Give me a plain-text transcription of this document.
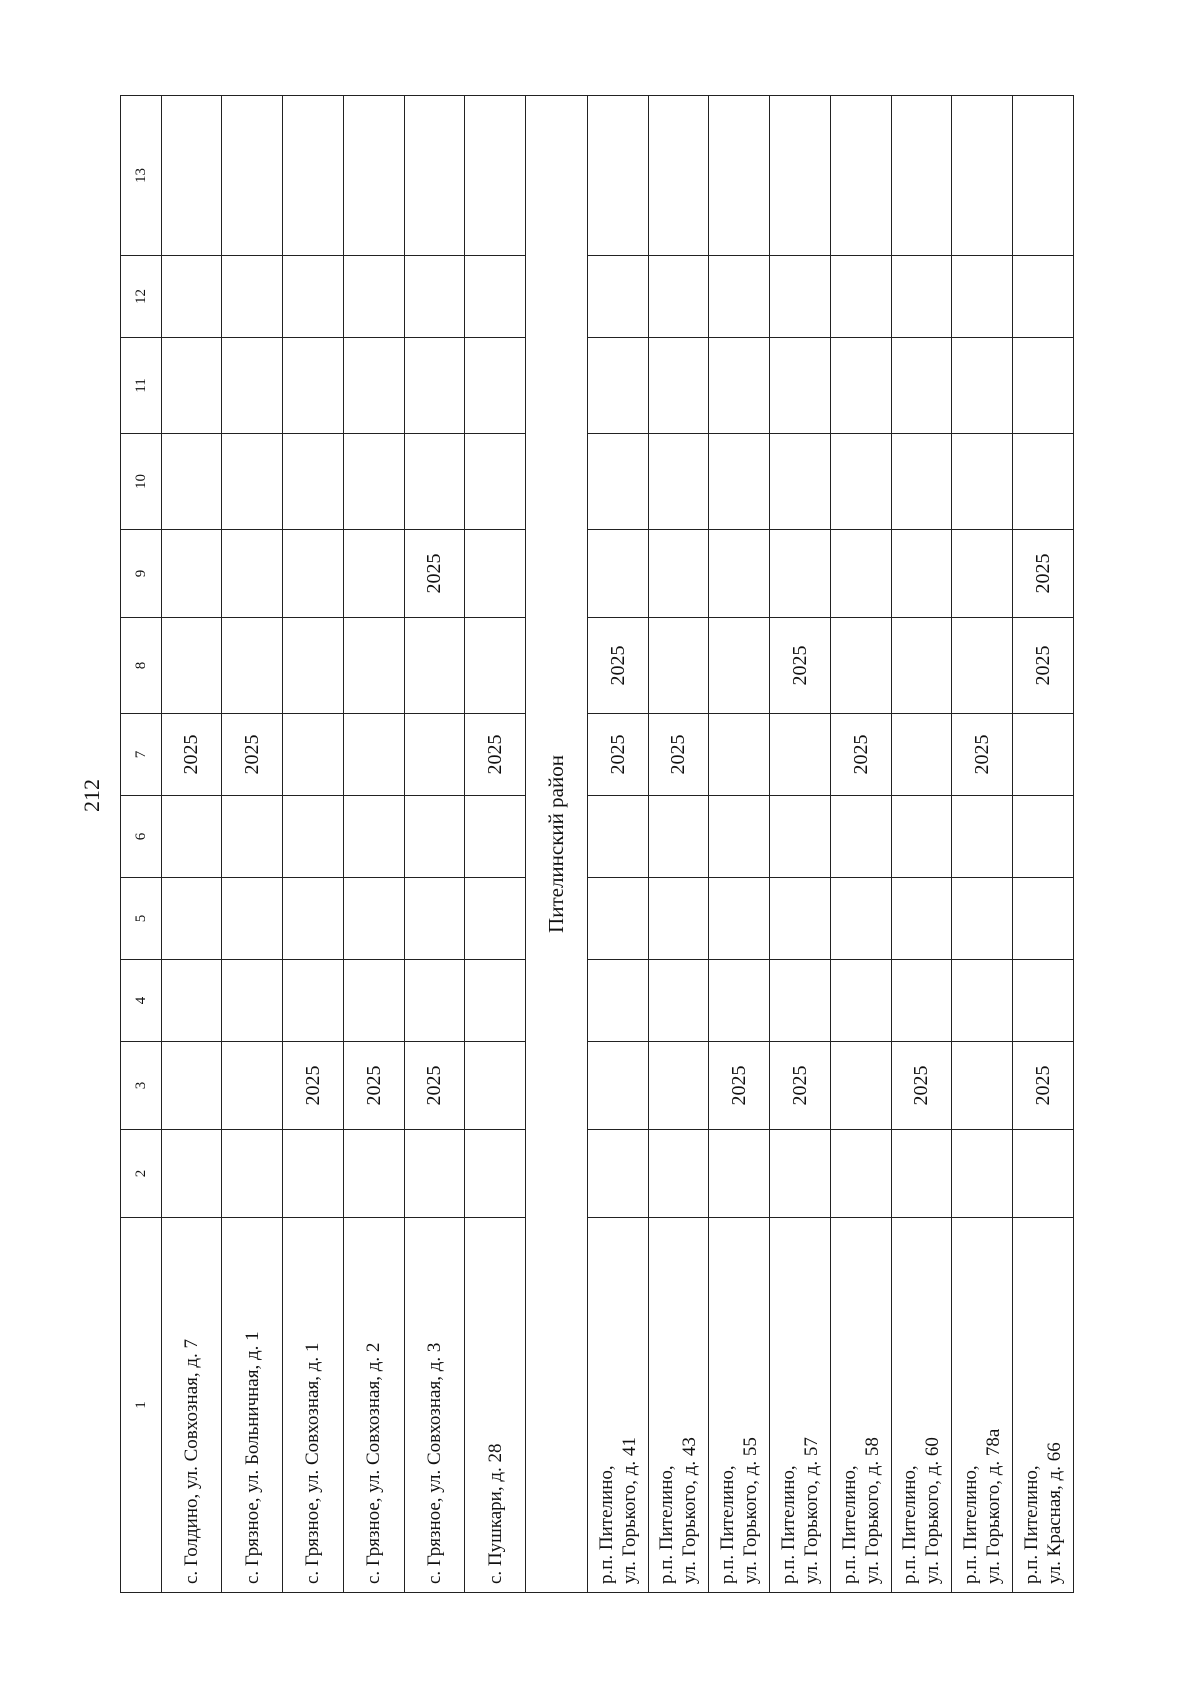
212
1	2	3	4	5	6	7	8	9	10	11	12	13
с. Голдино, ул. Совхозная, д. 7						2025						
с. Грязное, ул. Больничная, д. 1						2025						
с. Грязное, ул. Совхозная, д. 1		2025										
с. Грязное, ул. Совхозная, д. 2		2025										
с. Грязное, ул. Совхозная, д. 3		2025						2025				
с. Пушкари, д. 28						2025						
Пителинский район												
р.п. Пителино, ул. Горького, д. 41						2025	2025					
р.п. Пителино, ул. Горького, д. 43						2025						
р.п. Пителино, ул. Горького, д. 55		2025										
р.п. Пителино, ул. Горького, д. 57		2025					2025					
р.п. Пителино, ул. Горького, д. 58						2025						
р.п. Пителино, ул. Горького, д. 60		2025										
р.п. Пителино, ул. Горького, д. 78а						2025						
р.п. Пителино, ул. Красная, д. 66		2025					2025	2025				
